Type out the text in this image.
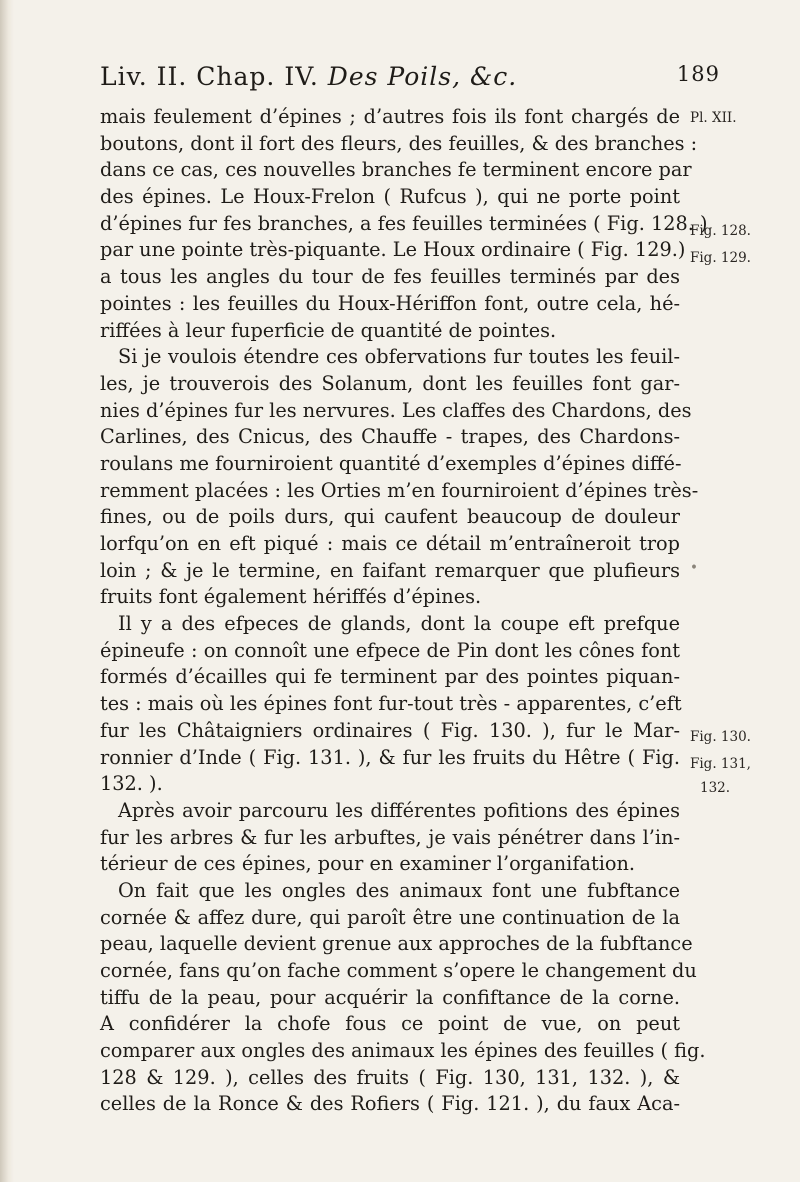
Liv. II. Chap. IV. Des Poils, &c.	189
mais feulement d’épines ; d’autres fois ils font chargés de
boutons, dont il fort des fleurs, des feuilles, & des branches :
dans ce cas, ces nouvelles branches fe terminent encore par
des épines. Le Houx-Frelon ( Rufcus ), qui ne porte point
d’épines fur fes branches, a fes feuilles terminées ( Fig. 128. )
par une pointe très-piquante. Le Houx ordinaire ( Fig. 129.)
a tous les angles du tour de fes feuilles terminés par des
pointes : les feuilles du Houx-Hériffon font, outre cela, hé-
riffées à leur fuperficie de quantité de pointes.
Si je voulois étendre ces obfervations fur toutes les feuil-
les, je trouverois des Solanum, dont les feuilles font gar-
nies d’épines fur les nervures. Les claffes des Chardons, des
Carlines, des Cnicus, des Chauffe - trapes, des Chardons-
roulans me fourniroient quantité d’exemples d’épines diffé-
remment placées : les Orties m’en fourniroient d’épines très-
fines, ou de poils durs, qui caufent beaucoup de douleur
lorfqu’on en eft piqué : mais ce détail m’entraîneroit trop
loin ; & je le termine, en faifant remarquer que plufieurs
fruits font également hériffés d’épines.
Il y a des efpeces de glands, dont la coupe eft prefque
épineufe : on connoît une efpece de Pin dont les cônes font
formés d’écailles qui fe terminent par des pointes piquan-
tes : mais où les épines font fur-tout très - apparentes, c’eft
fur les Châtaigniers ordinaires ( Fig. 130. ), fur le Mar-
ronnier d’Inde ( Fig. 131. ), & fur les fruits du Hêtre ( Fig.
132. ).
Après avoir parcouru les différentes pofitions des épines
fur les arbres & fur les arbuftes, je vais pénétrer dans l’in-
térieur de ces épines, pour en examiner l’organifation.
On fait que les ongles des animaux font une fubftance
cornée & affez dure, qui paroît être une continuation de la
peau, laquelle devient grenue aux approches de la fubftance
cornée, fans qu’on fache comment s’opere le changement du
tiffu de la peau, pour acquérir la confiftance de la corne.
A confidérer la chofe fous ce point de vue, on peut
comparer aux ongles des animaux les épines des feuilles ( fig.
128 & 129. ), celles des fruits ( Fig. 130, 131, 132. ), &
celles de la Ronce & des Rofiers ( Fig. 121. ), du faux Aca-
Pl. XII.
Fig. 128.
Fig. 129.
•
Fig. 130.
Fig. 131,
132.
